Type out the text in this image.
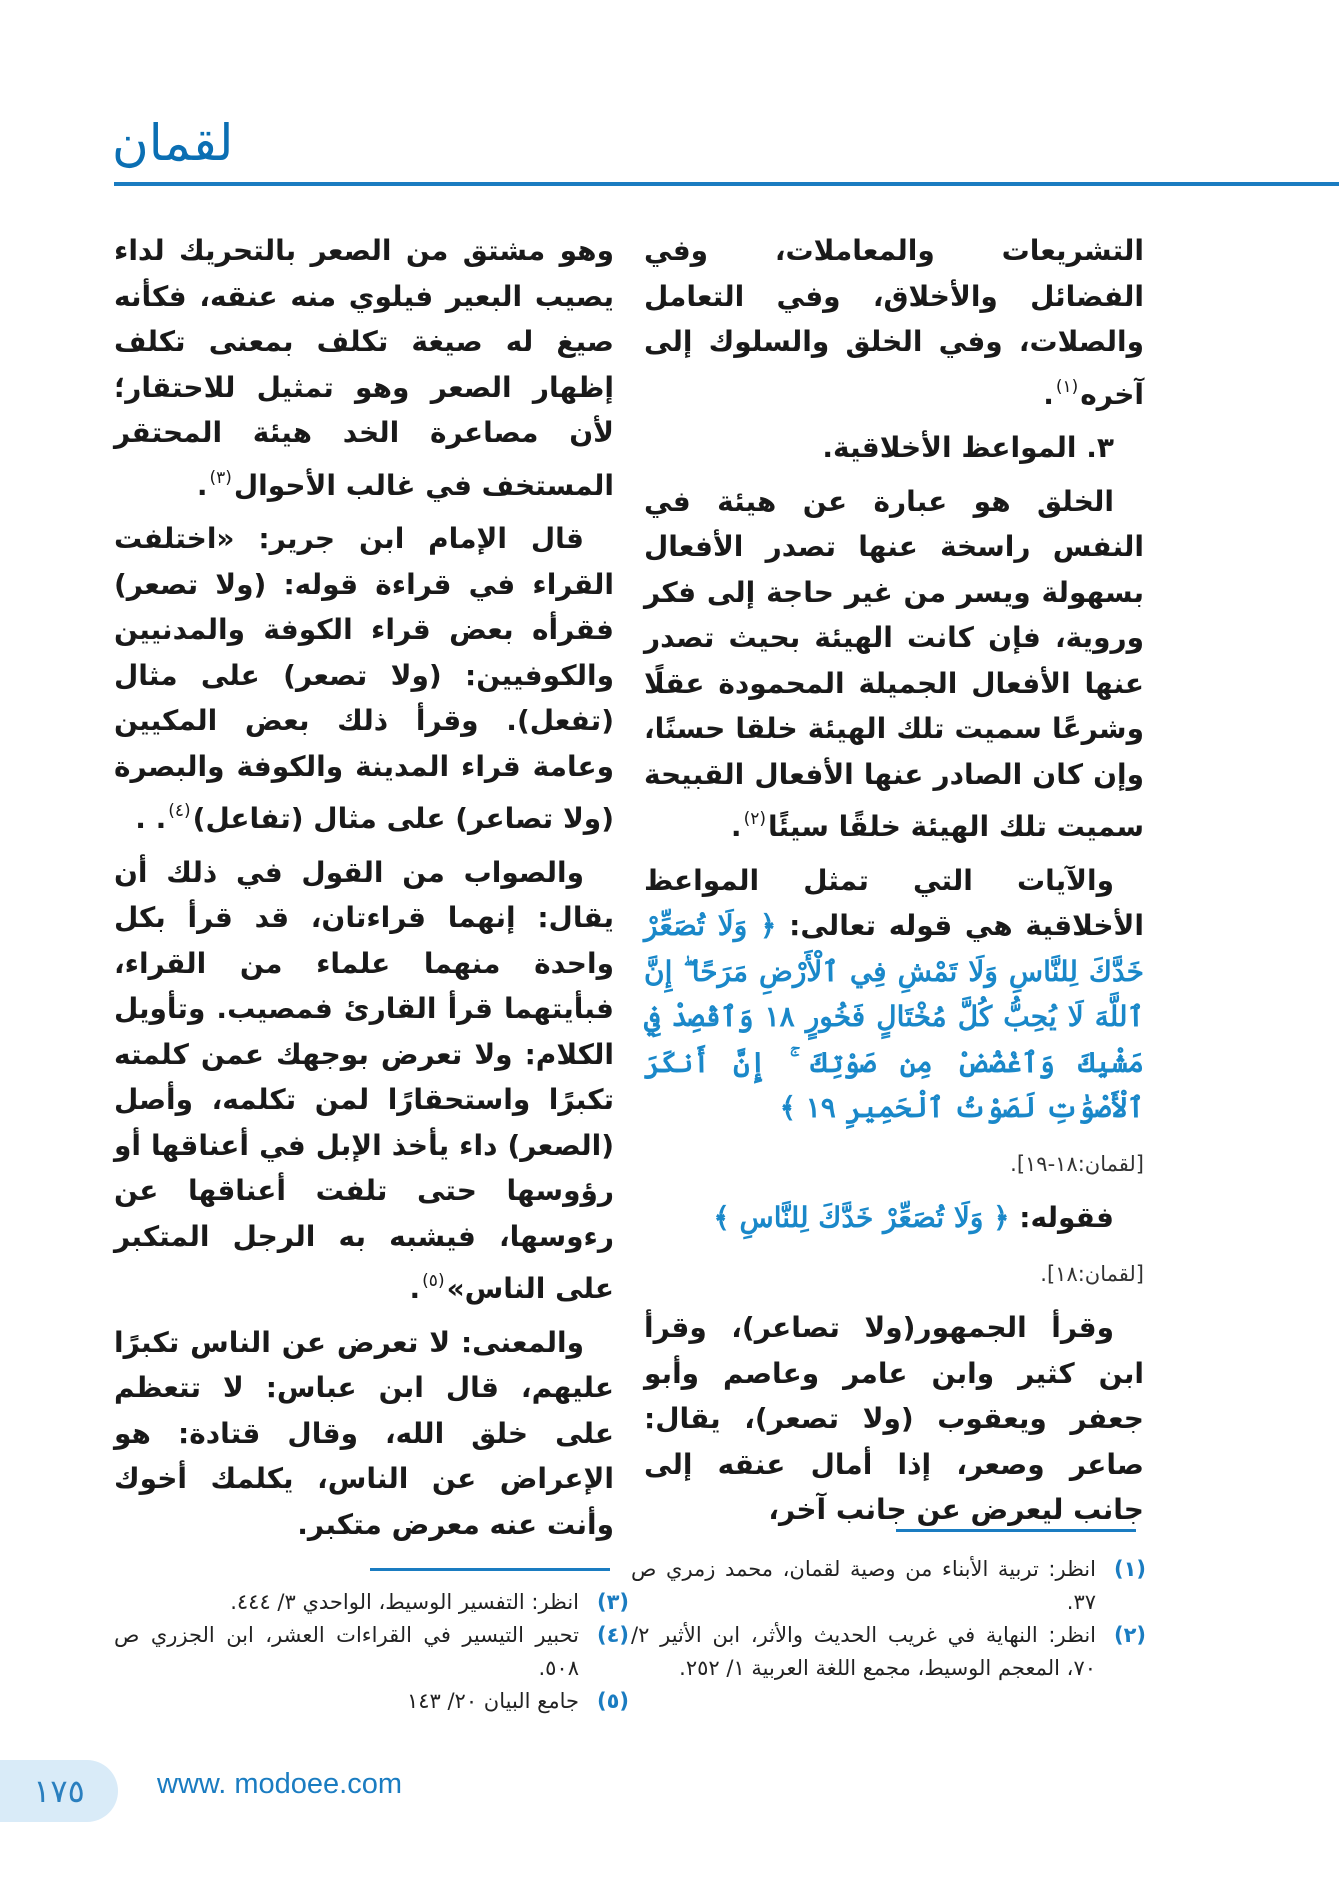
لقمان

التشريعات والمعاملات، وفي الفضائل والأخلاق، وفي التعامل والصلات، وفي الخلق والسلوك إلى آخره$^{(١)}$.

٣. المواعظ الأخلاقية.

الخلق هو عبارة عن هيئة في النفس راسخة عنها تصدر الأفعال بسهولة ويسر من غير حاجة إلى فكر وروية، فإن كانت الهيئة بحيث تصدر عنها الأفعال الجميلة المحمودة عقلًا وشرعًا سميت تلك الهيئة خلقا حسنًا، وإن كان الصادر عنها الأفعال القبيحة سميت تلك الهيئة خلقًا سيئًا$^{(٢)}$.

والآيات التي تمثل المواعظ الأخلاقية هي قوله تعالى: ﴿ وَلَا تُصَعِّرْ خَدَّكَ لِلنَّاسِ وَلَا تَمْشِ فِي ٱلْأَرْضِ مَرَحًا ۖ إِنَّ ٱللَّهَ لَا يُحِبُّ كُلَّ مُخْتَالٍ فَخُورٍ ١٨ وَٱقْصِدْ فِي مَشْيِكَ وَٱغْضُضْ مِن صَوْتِكَ ۚ إِنَّ أَنكَرَ ٱلْأَصْوَٰتِ لَصَوْتُ ٱلْحَمِيرِ ١٩ ﴾

[لقمان:١٨-١٩].

فقوله: ﴿ وَلَا تُصَعِّرْ خَدَّكَ لِلنَّاسِ ﴾

[لقمان:١٨].

وقرأ الجمهور(ولا تصاعر)، وقرأ ابن كثير وابن عامر وعاصم وأبو جعفر ويعقوب (ولا تصعر)، يقال: صاعر وصعر، إذا أمال عنقه إلى جانب ليعرض عن جانب آخر،

وهو مشتق من الصعر بالتحريك لداء يصيب البعير فيلوي منه عنقه، فكأنه صيغ له صيغة تكلف بمعنى تكلف إظهار الصعر وهو تمثيل للاحتقار؛ لأن مصاعرة الخد هيئة المحتقر المستخف في غالب الأحوال$^{(٣)}$.

قال الإمام ابن جرير: «اختلفت القراء في قراءة قوله: (ولا تصعر) فقرأه بعض قراء الكوفة والمدنيين والكوفيين: (ولا تصعر) على مثال (تفعل). وقرأ ذلك بعض المكيين وعامة قراء المدينة والكوفة والبصرة (ولا تصاعر) على مثال (تفاعل)$^{(٤)}$. .

والصواب من القول في ذلك أن يقال: إنهما قراءتان، قد قرأ بكل واحدة منهما علماء من القراء، فبأيتهما قرأ القارئ فمصيب. وتأويل الكلام: ولا تعرض بوجهك عمن كلمته تكبرًا واستحقارًا لمن تكلمه، وأصل (الصعر) داء يأخذ الإبل في أعناقها أو رؤوسها حتى تلفت أعناقها عن رءوسها، فيشبه به الرجل المتكبر على الناس»$^{(٥)}$.

والمعنى: لا تعرض عن الناس تكبرًا عليهم، قال ابن عباس: لا تتعظم على خلق الله، وقال قتادة: هو الإعراض عن الناس، يكلمك أخوك وأنت عنه معرض متكبر.

(١)
انظر: تربية الأبناء من وصية لقمان، محمد زمري ص ٣٧.
(٢)
انظر: النهاية في غريب الحديث والأثر، ابن الأثير ٢/ ٧٠، المعجم الوسيط، مجمع اللغة العربية ١/ ٢٥٢.
(٣)
انظر: التفسير الوسيط، الواحدي ٣/ ٤٤٤.
(٤)
تحبير التيسير في القراءات العشر، ابن الجزري ص ٥٠٨.
(٥)
جامع البيان ٢٠/ ١٤٣
١٧٥	www. modoee.com
